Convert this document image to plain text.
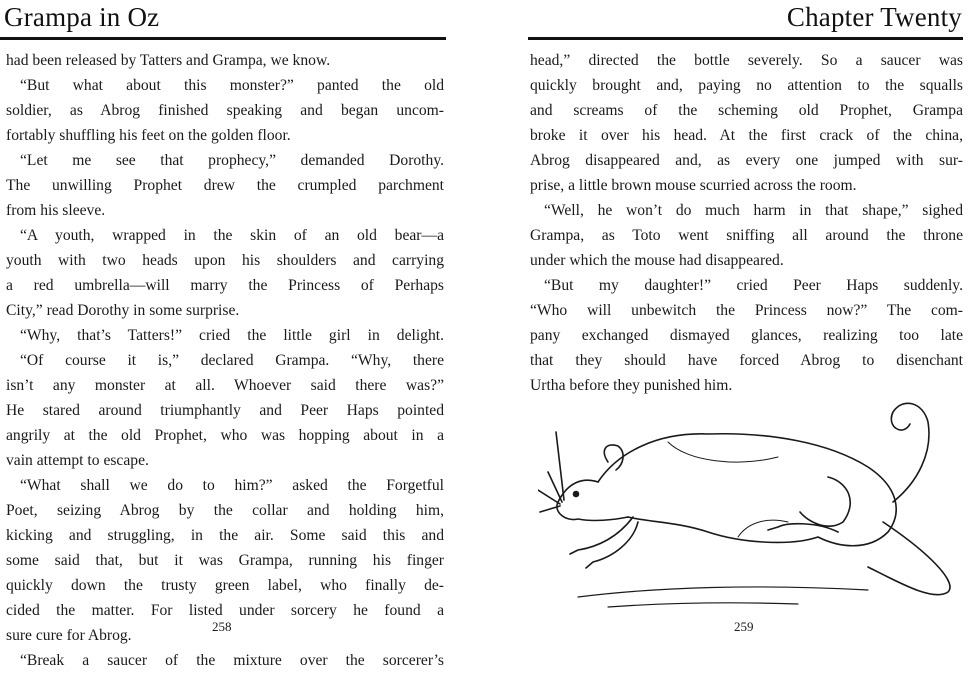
Grampa in Oz
had been released by Tatters and Grampa, we know.
“But what about this monster?” panted the old
soldier, as Abrog finished speaking and began uncom-
fortably shuffling his feet on the golden floor.
“Let me see that prophecy,” demanded Dorothy.
The unwilling Prophet drew the crumpled parchment
from his sleeve.
“A youth, wrapped in the skin of an old bear—a
youth with two heads upon his shoulders and carrying
a red umbrella—will marry the Princess of Perhaps
City,” read Dorothy in some surprise.
“Why, that’s Tatters!” cried the little girl in delight.
“Of course it is,” declared Grampa. “Why, there
isn’t any monster at all. Whoever said there was?”
He stared around triumphantly and Peer Haps pointed
angrily at the old Prophet, who was hopping about in a
vain attempt to escape.
“What shall we do to him?” asked the Forgetful
Poet, seizing Abrog by the collar and holding him,
kicking and struggling, in the air. Some said this and
some said that, but it was Grampa, running his finger
quickly down the trusty green label, who finally de-
cided the matter. For listed under sorcery he found a
sure cure for Abrog.
“Break a saucer of the mixture over the sorcerer’s
258
Chapter Twenty
head,” directed the bottle severely. So a saucer was
quickly brought and, paying no attention to the squalls
and screams of the scheming old Prophet, Grampa
broke it over his head. At the first crack of the china,
Abrog disappeared and, as every one jumped with sur-
prise, a little brown mouse scurried across the room.
“Well, he won’t do much harm in that shape,” sighed
Grampa, as Toto went sniffing all around the throne
under which the mouse had disappeared.
“But my daughter!” cried Peer Haps suddenly.
“Who will unbewitch the Princess now?” The com-
pany exchanged dismayed glances, realizing too late
that they should have forced Abrog to disenchant
Urtha before they punished him.
259
